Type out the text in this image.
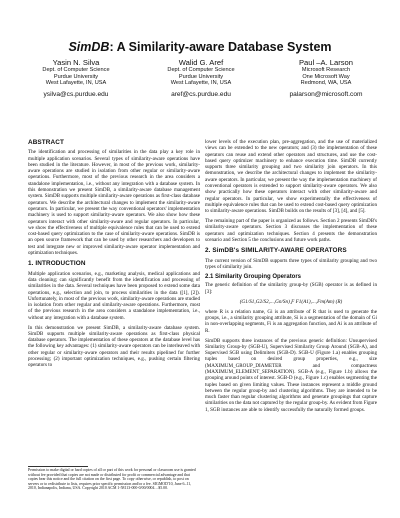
SimDB: A Similarity-aware Database System
Yasin N. Silva
Dept. of Computer Science
Purdue University
West Lafayette, IN, USA
ysilva@cs.purdue.edu
Walid G. Aref
Dept. of Computer Science
Purdue University
West Lafayette, IN, USA
aref@cs.purdue.edu
Paul –A. Larson
Microsoft Research
One Microsoft Way
Redmond, WA, USA
palarson@microsoft.com
ABSTRACT

The identification and processing of similarities in the data play a key role in multiple application scenarios. Several types of similarity-aware operations have been studied in the literature. However, in most of the previous work, similarity-aware operations are studied in isolation from other regular or similarity-aware operations. Furthermore, most of the previous research in the area considers a standalone implementation, i.e., without any integration with a database system. In this demonstration we present SimDB, a similarity-aware database management system. SimDB supports multiple similarity-aware operations as first-class database operators. We describe the architectural changes to implement the similarity-aware operators. In particular, we present the way conventional operators' implementation machinery is used to support similarity-aware operators. We also show how these operators interact with other similarity-aware and regular operators. In particular, we show the effectiveness of multiple equivalence rules that can be used to extend cost-based query optimization to the case of similarity-aware operations. SimDB is an open source framework that can be used by other researchers and developers to test and integrate new or improved similarity-aware operator implementation and optimization techniques.

1. INTRODUCTION

Multiple application scenarios, e.g., marketing analysis, medical applications and data cleaning; can significantly benefit from the identification and processing of similarities in the data. Several techniques have been proposed to extend some data operations, e.g., selection and join, to process similarities in the data ([1], [2]). Unfortunately, in most of the previous work, similarity-aware operations are studied in isolation from other regular and similarity-aware operations. Furthermore, most of the previous research in the area considers a standalone implementation, i.e., without any integration with a database system.

In this demonstration we present SimDB, a similarity-aware database system. SimDB supports multiple similarity-aware operations as first-class physical database operators. The implementation of these operators at the database level has the following key advantages: (1) similarity-aware operators can be interleaved with other regular or similarity-aware operators and their results pipelined for further processing; (2) important optimization techniques, e.g., pushing certain filtering operators to

Permission to make digital or hard copies of all or part of this work for personal or classroom use is granted without fee provided that copies are not made or distributed for profit or commercial advantage and that copies bear this notice and the full citation on the first page. To copy otherwise, or republish, to post on servers or to redistribute to lists, requires prior specific permission and/or a fee. SIGMOD'10, June 6–11, 2010, Indianapolis, Indiana, USA. Copyright 2010 ACM 1-58113-000-0/00/0004…$5.00.

lower levels of the execution plan, pre-aggregation, and the use of materialized views can be extended to the new operators; and (3) the implementation of these operators can reuse and extend other operators and structures, and use the cost-based query optimizer machinery to enhance execution time. SimDB currently supports three similarity grouping and two similarity join operators. In this demonstration, we describe the architectural changes to implement the similarity-aware operators. In particular, we present the way the implementation machinery of conventional operators is extended to support similarity-aware operators. We also show practically how these operators interact with other similarity-aware and regular operators. In particular, we show experimentally the effectiveness of multiple equivalence rules that can be used to extend cost-based query optimization to similarity-aware operations. SimDB builds on the results of [3], [4], and [5].

The remaining part of the paper is organized as follows. Section 2 presents SimDB's similarity-aware operators. Section 3 discusses the implementation of these operators and optimization techniques. Section 4 presents the demonstration scenario and Section 5 the conclusions and future work paths.

2. SimDB's SIMILARITY-AWARE OPERATORS

The current version of SimDB supports three types of similarity grouping and two types of similarity join.

2.1 Similarity Grouping Operators

The generic definition of the similarity group-by (SGB) operator is as defined in [3]:

(G1/S1,G2/S2,...,Gn/Sn) Ƒ F1(A1),...,Fm(Am) (R)

where R is a relation name, Gi is an attribute of R that is used to generate the groups, i.e., a similarity grouping attribute, Si is a segmentation of the domain of Gi in non-overlapping segments, Fi is an aggregation function, and Ai is an attribute of R.

SimDB supports three instances of the previous generic definition: Unsupervised Similarity Group-by (SGB-U), Supervised Similarity Group Around (SGB-A), and Supervised SGB using Delimiters (SGB-D). SGB-U (Figure 1.a) enables grouping tuples based on desired group properties, e.g., size (MAXIMUM_GROUP_DIAMETER and compactness (MAXIMUM_ELEMENT_SEPARATION). SGB-A (e.g., Figure 1.b) allows the grouping around points of interest. SGB-D (e.g., Figure 1.c) enables segmenting the tuples based on given limiting values. These instances represent a middle ground between the regular group-by and clustering algorithms. They are intended to be much faster than regular clustering algorithms and generate groupings that capture similarities on the data not captured by the regular group-by. As evident from Figure 1, SGB instances are able to identify successfully the naturally formed groups.
